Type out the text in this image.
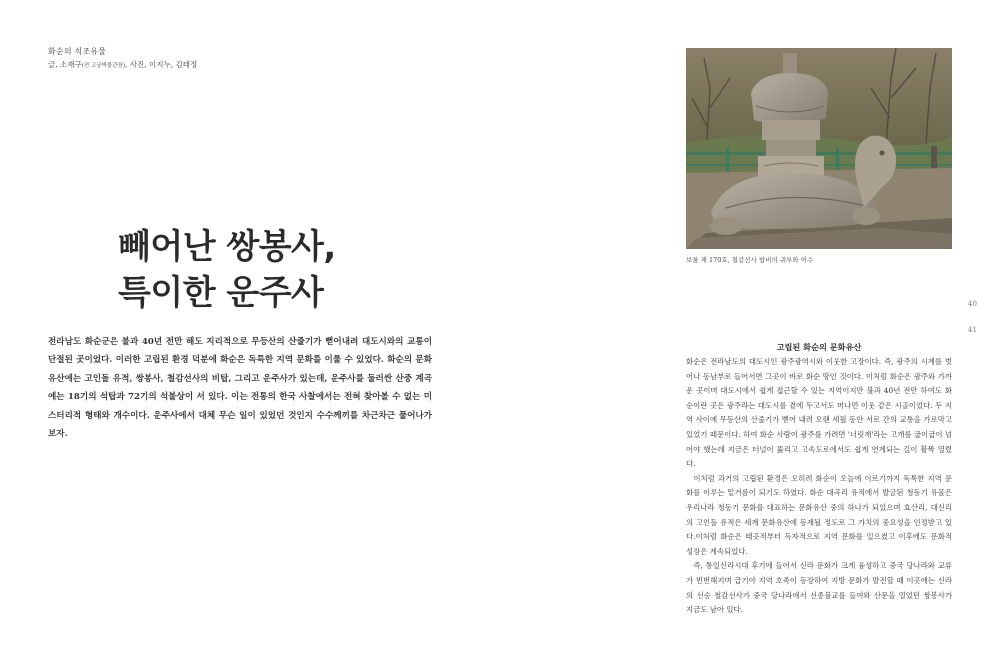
화순의 석조유물
글, 소재구(전 고궁박물관장), 사진, 이지누, 김태정
빼어난 쌍봉사,
특이한 운주사

전라남도 화순군은 불과 40년 전만 해도 지리적으로 무등산의 산줄기가 뻗어내려 대도시와의 교통이 단절된 곳이었다. 이러한 고립된 환경 덕분에 화순은 독특한 지역 문화를 이룰 수 있었다. 화순의 문화유산에는 고인돌 유적, 쌍봉사, 철감선사의 비탑, 그리고 운주사가 있는데, 운주사를 둘러싼 산중 계곡에는 18기의 석탑과 72기의 석불상이 서 있다. 이는 전통의 한국 사찰에서는 전혀 찾아볼 수 없는 미스터리적 형태와 개수이다. 운주사에서 대체 무슨 일이 있었던 것인지 수수께끼를 차근차근 풀어나가 보자.

보물 제 170호, 철감선사 탑비의 귀부와 이수
40
41
고립된 화순의 문화유산

화순은 전라남도의 대도시인 광주광역시와 이웃한 고장이다. 즉, 광주의 시계를 벗어나 동남부로 들어서면 그곳이 바로 화순 땅인 것이다. 이처럼 화순은 광주와 가까운 곳이며 대도시에서 쉽게 접근할 수 있는 지역이지만 불과 40년 전만 하여도 화순이란 곳은 광주라는 대도시를 곁에 두고서도 머나먼 이웃 같은 시골이었다. 두 지역 사이에 무등산의 산줄기가 뻗어 내려 오랜 세월 동안 서로 간의 교통을 가로막고 있었기 때문이다. 하여 화순 사람이 광주를 가려면 '너릿재'라는 고개를 굽이굽이 넘어야 했는데 지금은 터널이 뚫리고 고속도로에서도 쉽게 연계되는 길이 활짝 열렸다.

이처럼 과거의 고립된 환경은 오히려 화순이 오늘에 이르기까지 독특한 지역 문화를 이루는 밑거름이 되기도 하였다. 화순 대곡리 유적에서 발굴된 청동기 유물은 우리나라 청동기 문화를 대표하는 문화유산 중의 하나가 되었으며 효산리, 대신리의 고인돌 유적은 세계 문화유산에 등재될 정도로 그 가치의 중요성을 인정받고 있다.이처럼 화순은 태곳적부터 독자적으로 지역 문화를 일으켰고 이후에도 문화적 성장은 계속되었다.

즉, 통일신라시대 후기에 들어서 신라 문화가 크게 융성하고 중국 당나라와 교류가 빈번해지며 급기야 지역 호족이 등장하여 지방 문화가 발전할 때 이곳에는 신라의 선승 철감선사가 중국 당나라에서 선종불교를 들여와 산문을 열었던 쌍봉사가 지금도 남아 있다.
